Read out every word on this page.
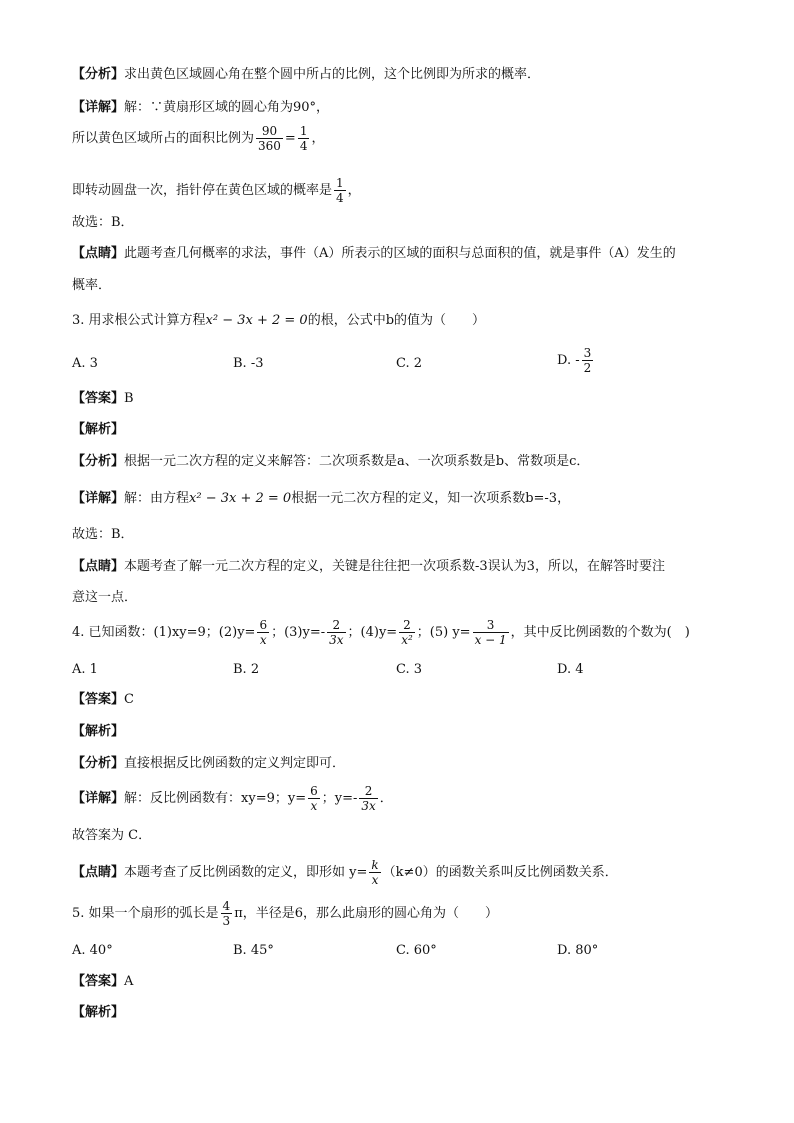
【分析】求出黄色区域圆心角在整个圆中所占的比例，这个比例即为所求的概率．
【详解】解：∵黄扇形区域的圆心角为90°，
所以黄色区域所占的面积比例为 $\frac{90}{360} = \frac{1}{4}$ ，
即转动圆盘一次，指针停在黄色区域的概率是 $\frac{1}{4}$ ，
故选：B．
【点睛】此题考查几何概率的求法，事件（A）所表示的区域的面积与总面积的值，就是事件（A）发生的
概率．
3. 用求根公式计算方程x² − 3x + 2 = 0的根，公式中b的值为（　　）
A. 3	B. -3	C. 2	D. - $\frac{3}{2}$
【答案】B
【解析】
【分析】根据一元二次方程的定义来解答：二次项系数是a、一次项系数是b、常数项是c．
【详解】解：由方程x² − 3x + 2 = 0根据一元二次方程的定义，知一次项系数b=-3，
故选：B．
【点睛】本题考查了解一元二次方程的定义，关键是往往把一次项系数-3误认为3，所以，在解答时要注
意这一点．
4. 已知函数：(1)xy=9；$(2)y= \frac{6}{x}$ ；$(3)y=- \frac{2}{3x}$ ；$(4)y= \frac{2}{\text{x²}}$ ；(5) $y= \frac{3}{x - 1}$ ，其中反比例函数的个数为(　)
A. 1	B. 2	C. 3	D. 4
【答案】C
【解析】
【分析】直接根据反比例函数的定义判定即可．
【详解】解：反比例函数有：xy=9；$y= \frac{6}{x}$ ；$y=- \frac{2}{3x}$ ．
故答案为 C．
【点睛】本题考查了反比例函数的定义，即形如 $y= \frac{k}{x} (k\ne 0)$的函数关系叫反比例函数关系．
5. 如果一个扇形的弧长是 $\frac{4}{3}$ π，半径是6，那么此扇形的圆心角为（　　）
A. 40°	B. 45°	C. 60°	D. 80°
【答案】A
【解析】
